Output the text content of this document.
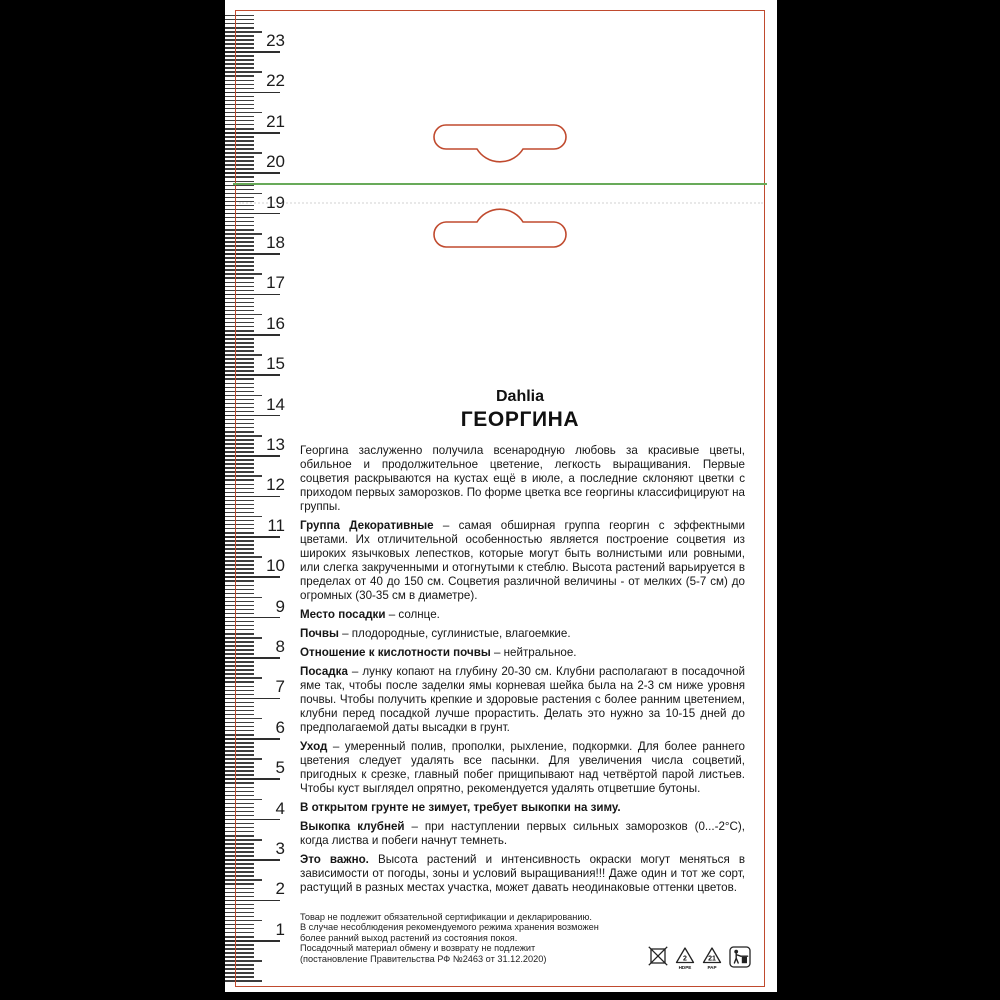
23
22
21
20
19
18
17
16
15
14
13
12
11
10
9
8
7
6
5
4
3
2
1
Dahlia
ГЕОРГИНА

Георгина заслуженно получила всенародную любовь за красивые цветы, обильное и продолжительное цветение, легкость выращивания. Первые соцветия раскрываются на кустах ещё в июле, а последние склоняют цветки с приходом первых заморозков. По форме цветка все георгины классифицируют на группы.

Группа Декоративные – самая обширная группа георгин с эффектными цветами. Их отличительной особенностью является построение соцветия из широких язычковых лепестков, которые могут быть волнистыми или ровными, или слегка закрученными и отогнутыми к стеблю. Высота растений варьируется в пределах от 40 до 150 см. Соцветия различной величины - от мелких (5-7 см) до огромных (30-35 см в диаметре).

Место посадки – солнце.

Почвы – плодородные, суглинистые, влагоемкие.

Отношение к кислотности почвы – нейтральное.

Посадка – лунку копают на глубину 20-30 см. Клубни располагают в посадочной яме так, чтобы после заделки ямы корневая шейка была на 2-3 см ниже уровня почвы. Чтобы получить крепкие и здоровые растения с более ранним цветением, клубни перед посадкой лучше прорастить. Делать это нужно за 10-15 дней до предполагаемой даты высадки в грунт.

Уход – умеренный полив, прополки, рыхление, подкормки. Для более раннего цветения следует удалять все пасынки. Для увеличения числа соцветий, пригодных к срезке, главный побег прищипывают над четвёртой парой листьев. Чтобы куст выглядел опрятно, рекомендуется удалять отцветшие бутоны.

В открытом грунте не зимует, требует выкопки на зиму.

Выкопка клубней – при наступлении первых сильных заморозков (0...-2°С), когда листва и побеги начнут темнеть.

Это важно. Высота растений и интенсивность окраски могут меняться в зависимости от погоды, зоны и условий выращивания!!! Даже один и тот же сорт, растущий в разных местах участка, может давать неодинаковые оттенки цветов.

Товар не подлежит обязательной сертификации и декларированию.
В случае несоблюдения рекомендуемого режима хранения возможен
более ранний выход растений из состояния покоя.
Посадочный материал обмену и возврату не подлежит
(постановление Правительства РФ №2463 от 31.12.2020)	2
HDPE
21
PAP
